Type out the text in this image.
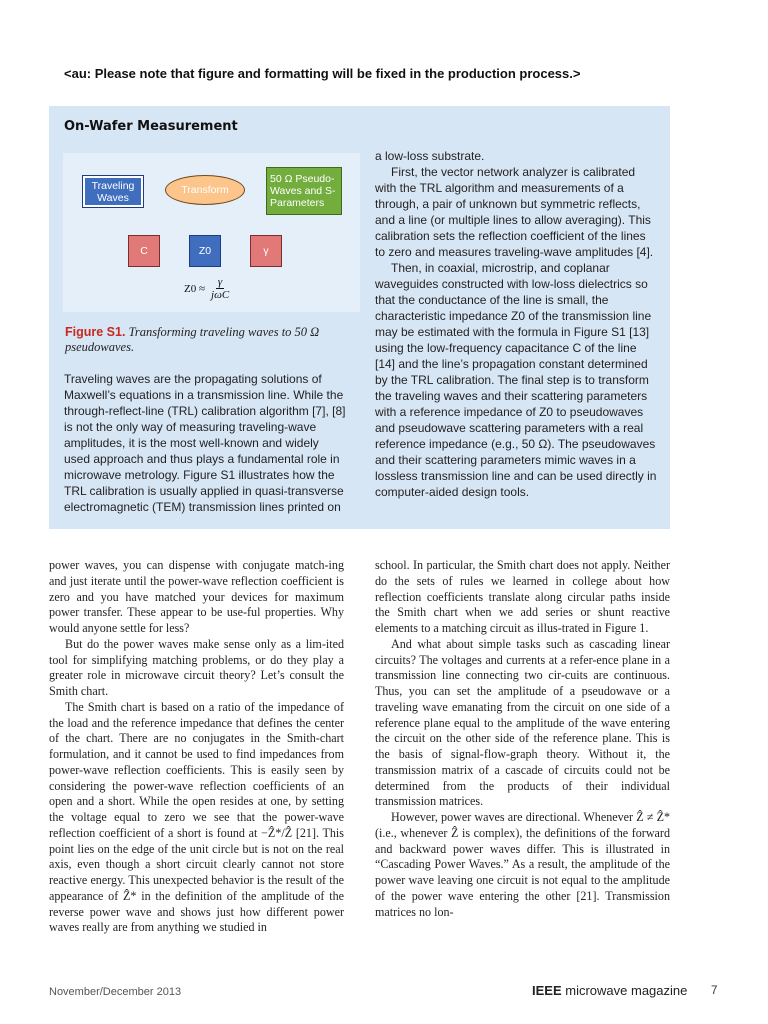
<au: Please note that figure and formatting will be fixed in the production process.>
On-Wafer Measurement
Traveling Waves
Transform
50 Ω Pseudo- Waves and S- Parameters
C	Z0	γ
$Z0 \approx \frac{\gamma}{\text{jωC}}$
Figure S1. Transforming traveling waves to 50 Ω pseudowaves.

Traveling waves are the propagating solutions of Maxwell’s equations in a transmission line. While the through-reflect-line (TRL) calibration algorithm [7], [8] is not the only way of measuring traveling-wave amplitudes, it is the most well-known and widely used approach and thus plays a fundamental role in microwave metrology. Figure S1 illustrates how the TRL calibration is usually applied in quasi-transverse electromagnetic (TEM) transmission lines printed on

a low-loss substrate.

First, the vector network analyzer is calibrated with the TRL algorithm and measurements of a through, a pair of unknown but symmetric reflects, and a line (or multiple lines to allow averaging). This calibration sets the reflection coefficient of the lines to zero and measures traveling-wave amplitudes [4].

Then, in coaxial, microstrip, and coplanar waveguides constructed with low-loss dielectrics so that the conductance of the line is small, the characteristic impedance Z0 of the transmission line may be estimated with the formula in Figure S1 [13] using the low-frequency capacitance C of the line [14] and the line’s propagation constant determined by the TRL calibration. The final step is to transform the traveling waves and their scattering parameters with a reference impedance of Z0 to pseudowaves and pseudowave scattering parameters with a real reference impedance (e.g., 50 Ω). The pseudowaves and their scattering parameters mimic waves in a lossless transmission line and can be used directly in computer-aided design tools.

power waves, you can dispense with conjugate match-ing and just iterate until the power-wave reflection coefficient is zero and you have matched your devices for maximum power transfer. These appear to be use-ful properties. Why would anyone settle for less?

But do the power waves make sense only as a lim-ited tool for simplifying matching problems, or do they play a greater role in microwave circuit theory? Let’s consult the Smith chart.

The Smith chart is based on a ratio of the impedance of the load and the reference impedance that defines the center of the chart. There are no conjugates in the Smith-chart formulation, and it cannot be used to find impedances from power-wave reflection coefficients. This is easily seen by considering the power-wave reflection coefficients of an open and a short. While the open resides at one, by setting the voltage equal to zero we see that the power-wave reflection coefficient of a short is found at −Ẑ*/Ẑ [21]. This point lies on the edge of the unit circle but is not on the real axis, even though a short circuit clearly cannot not store reactive energy. This unexpected behavior is the result of the appearance of Ẑ* in the definition of the amplitude of the reverse power wave and shows just how different power waves really are from anything we studied in

school. In particular, the Smith chart does not apply. Neither do the sets of rules we learned in college about how reflection coefficients translate along circular paths inside the Smith chart when we add series or shunt reactive elements to a matching circuit as illus-trated in Figure 1.

And what about simple tasks such as cascading linear circuits? The voltages and currents at a refer-ence plane in a transmission line connecting two cir-cuits are continuous. Thus, you can set the amplitude of a pseudowave or a traveling wave emanating from the circuit on one side of a reference plane equal to the amplitude of the wave entering the circuit on the other side of the reference plane. This is the basis of signal-flow-graph theory. Without it, the transmission matrix of a cascade of circuits could not be determined from the products of their individual transmission matrices.

However, power waves are directional. Whenever Ẑ ≠ Ẑ* (i.e., whenever Ẑ is complex), the definitions of the forward and backward power waves differ. This is illustrated in “Cascading Power Waves.” As a result, the amplitude of the power wave leaving one circuit is not equal to the amplitude of the power wave entering the other [21]. Transmission matrices no lon-

November/December 2013	IEEE microwave magazine 7
